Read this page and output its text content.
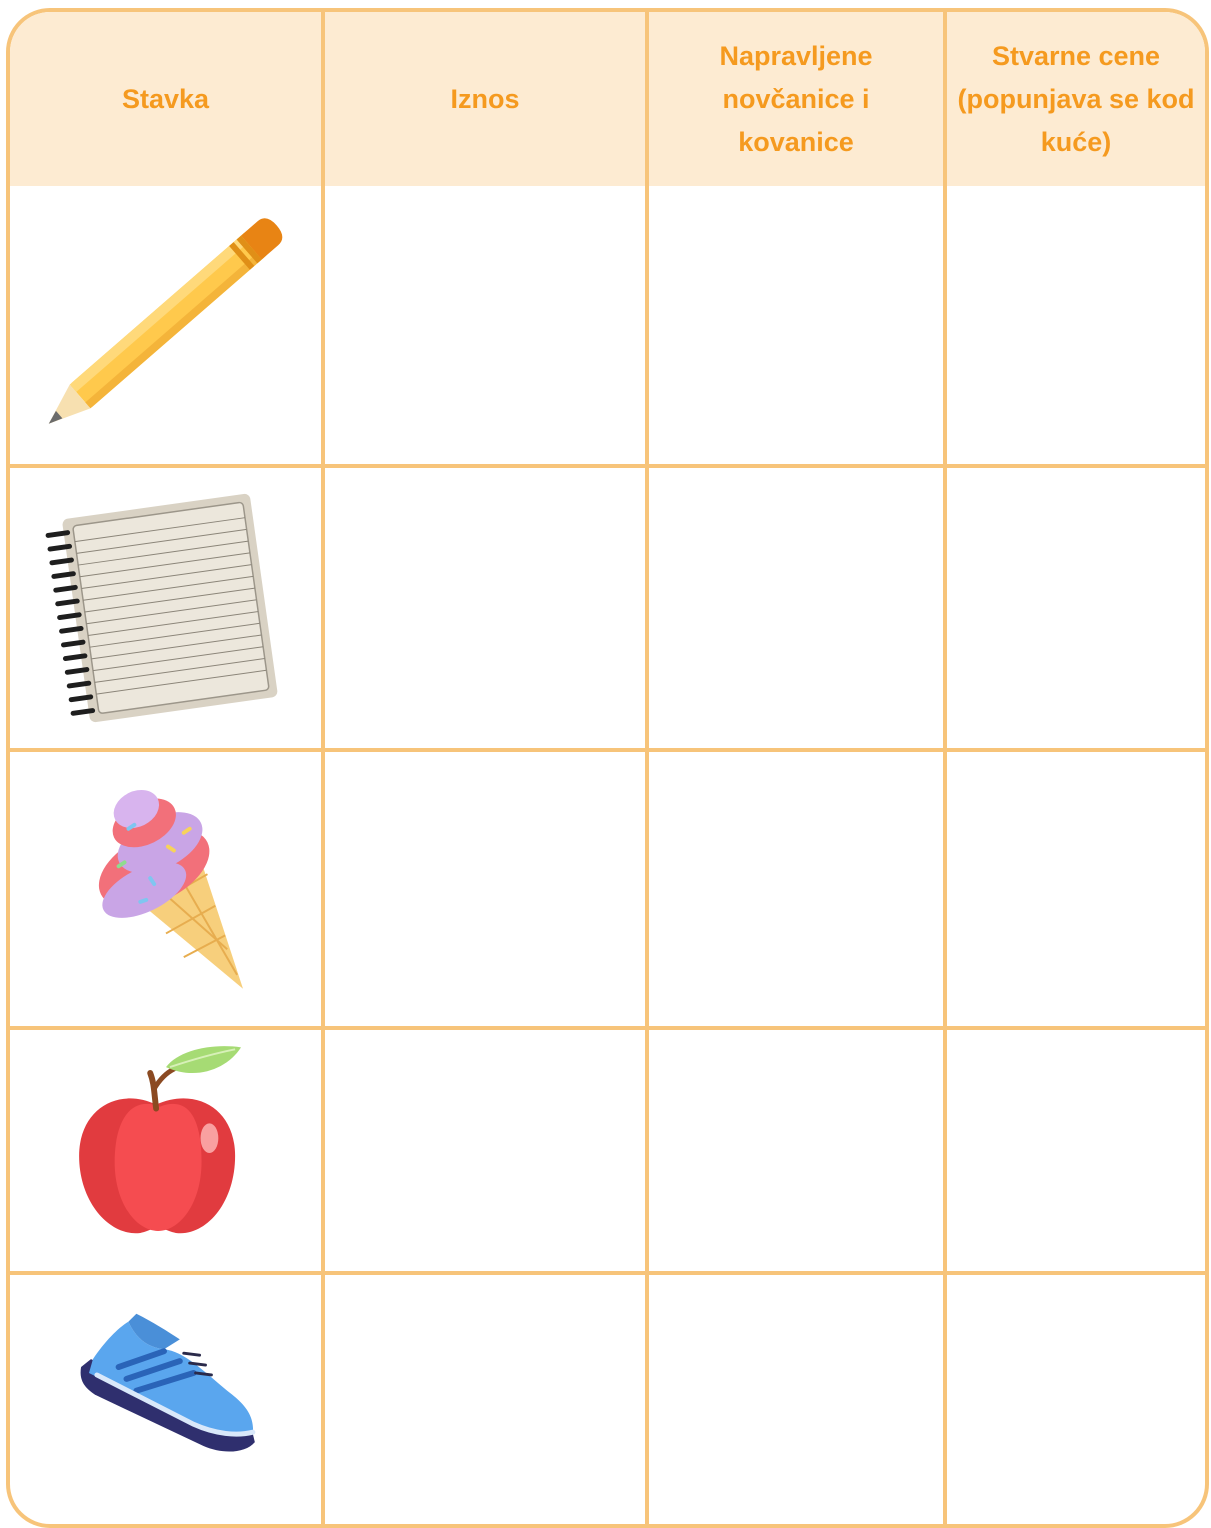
Stavka	Iznos
Napravljene novčanice i kovanice
Stvarne cene (popunjava se kod kuće)
